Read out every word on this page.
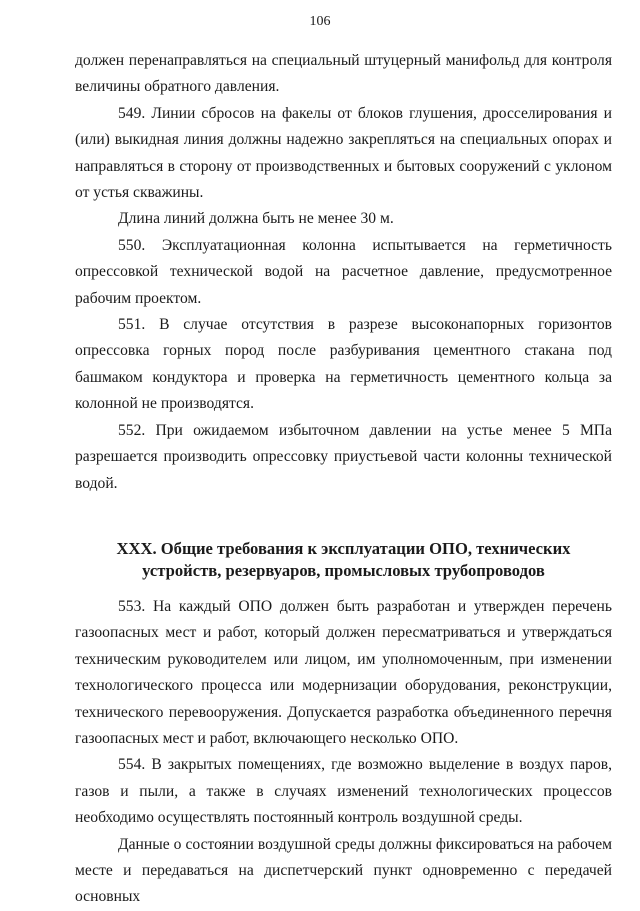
106

должен перенаправляться на специальный штуцерный манифольд для контроля величины обратного давления.

549. Линии сбросов на факелы от блоков глушения, дросселирования и (или) выкидная линия должны надежно закрепляться на специальных опорах и направляться в сторону от производственных и бытовых сооружений с уклоном от устья скважины.

Длина линий должна быть не менее 30 м.

550. Эксплуатационная колонна испытывается на герметичность опрессовкой технической водой на расчетное давление, предусмотренное рабочим проектом.

551. В случае отсутствия в разрезе высоконапорных горизонтов опрессовка горных пород после разбуривания цементного стакана под башмаком кондуктора и проверка на герметичность цементного кольца за колонной не производятся.

552. При ожидаемом избыточном давлении на устье менее 5 МПа разрешается производить опрессовку приустьевой части колонны технической водой.

XXX. Общие требования к эксплуатации ОПО, технических
устройств, резервуаров, промысловых трубопроводов

553. На каждый ОПО должен быть разработан и утвержден перечень газоопасных мест и работ, который должен пересматриваться и утверждаться техническим руководителем или лицом, им уполномоченным, при изменении технологического процесса или модернизации оборудования, реконструкции, технического перевооружения. Допускается разработка объединенного перечня газоопасных мест и работ, включающего несколько ОПО.

554. В закрытых помещениях, где возможно выделение в воздух паров, газов и пыли, а также в случаях изменений технологических процессов необходимо осуществлять постоянный контроль воздушной среды.

Данные о состоянии воздушной среды должны фиксироваться на рабочем месте и передаваться на диспетчерский пункт одновременно с передачей основных
